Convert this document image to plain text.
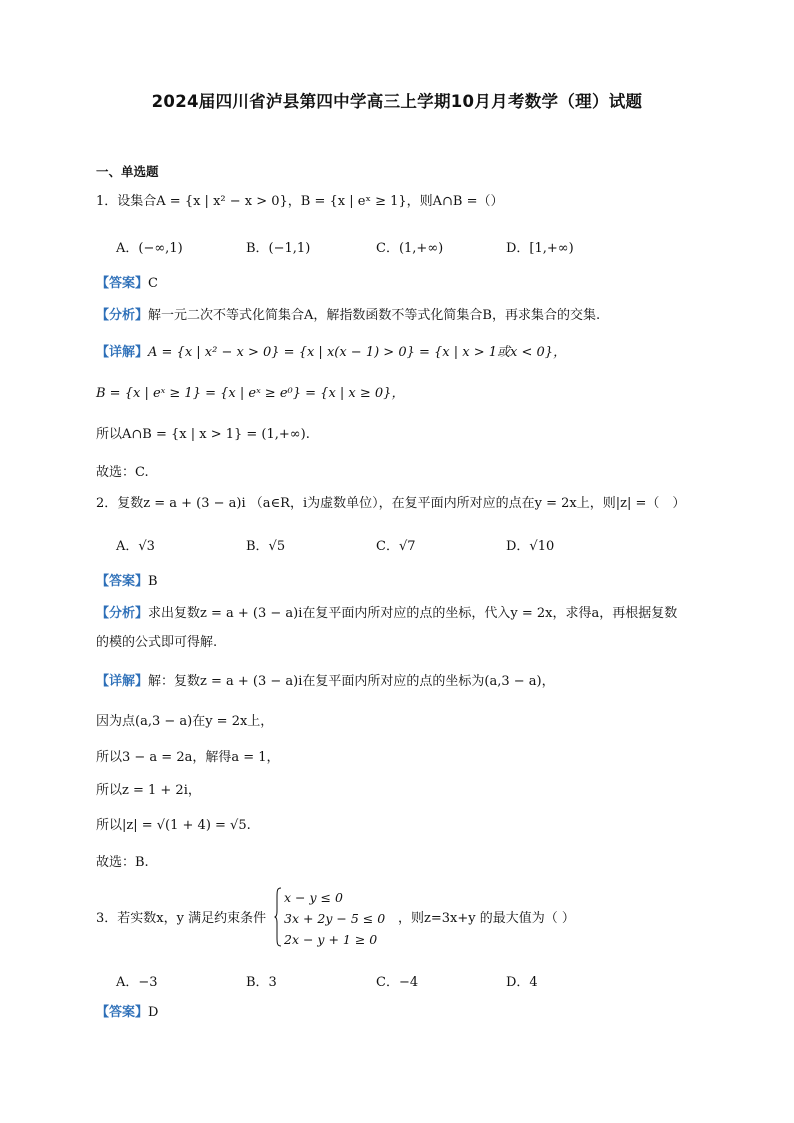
2024届四川省泸县第四中学高三上学期10月月考数学（理）试题
一、单选题
1．设集合A = {x | x² − x > 0}，B = {x | eˣ ≥ 1}，则A∩B =（）
A．(−∞,1)	B．(−1,1)	C．(1,+∞)	D．[1,+∞)
【答案】C
【分析】解一元二次不等式化简集合A，解指数函数不等式化简集合B，再求集合的交集.
【详解】A = {x | x² − x > 0} = {x | x(x − 1) > 0} = {x | x > 1或x < 0}，
B = {x | eˣ ≥ 1} = {x | eˣ ≥ e⁰} = {x | x ≥ 0}，
所以A∩B = {x | x > 1} = (1,+∞).
故选：C.
2．复数z = a + (3 − a)i （a∈R，i为虚数单位），在复平面内所对应的点在y = 2x上，则|z| =（　）
A．√3	B．√5	C．√7	D．√10
【答案】B
【分析】求出复数z = a + (3 − a)i在复平面内所对应的点的坐标，代入y = 2x，求得a，再根据复数
的模的公式即可得解.
【详解】解：复数z = a + (3 − a)i在复平面内所对应的点的坐标为(a,3 − a)，
因为点(a,3 − a)在y = 2x上，
所以3 − a = 2a，解得a = 1，
所以z = 1 + 2i，
所以|z| = √(1 + 4) = √5.
故选：B.
3．若实数x，y 满足约束条件
x − y ≤ 0
3x + 2y − 5 ≤ 0
2x − y + 1 ≥ 0
，则z=3x+y 的最大值为（ ）
A．−3	B．3	C．−4	D．4
【答案】D
